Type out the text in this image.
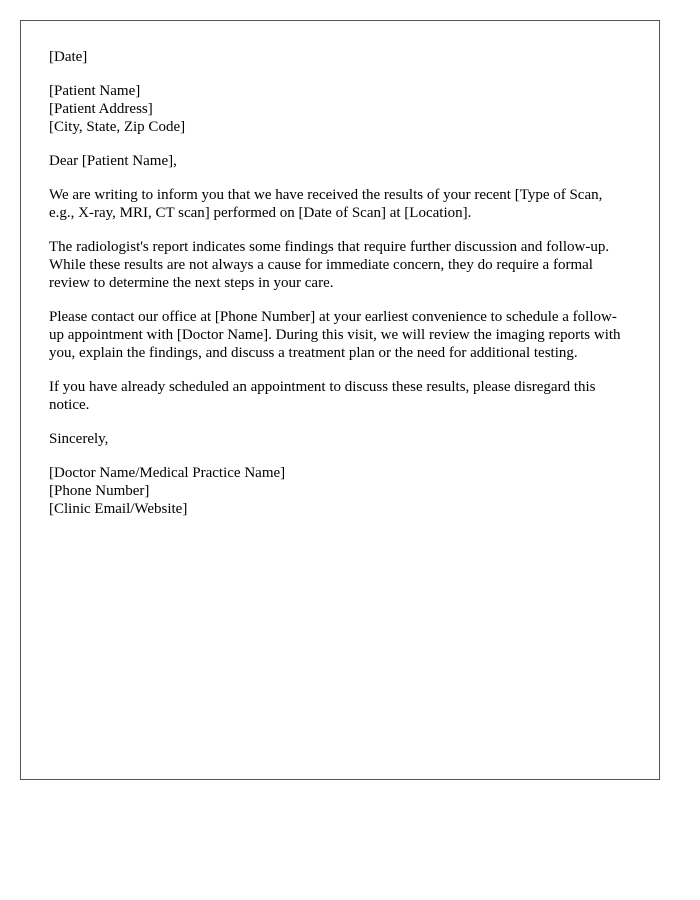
[Date]

[Patient Name]
[Patient Address]
[City, State, Zip Code]

Dear [Patient Name],

We are writing to inform you that we have received the results of your recent [Type of Scan, e.g., X-ray, MRI, CT scan] performed on [Date of Scan] at [Location].

The radiologist's report indicates some findings that require further discussion and follow-up. While these results are not always a cause for immediate concern, they do require a formal review to determine the next steps in your care.

Please contact our office at [Phone Number] at your earliest convenience to schedule a follow-up appointment with [Doctor Name]. During this visit, we will review the imaging reports with you, explain the findings, and discuss a treatment plan or the need for additional testing.

If you have already scheduled an appointment to discuss these results, please disregard this notice.

Sincerely,

[Doctor Name/Medical Practice Name]
[Phone Number]
[Clinic Email/Website]
